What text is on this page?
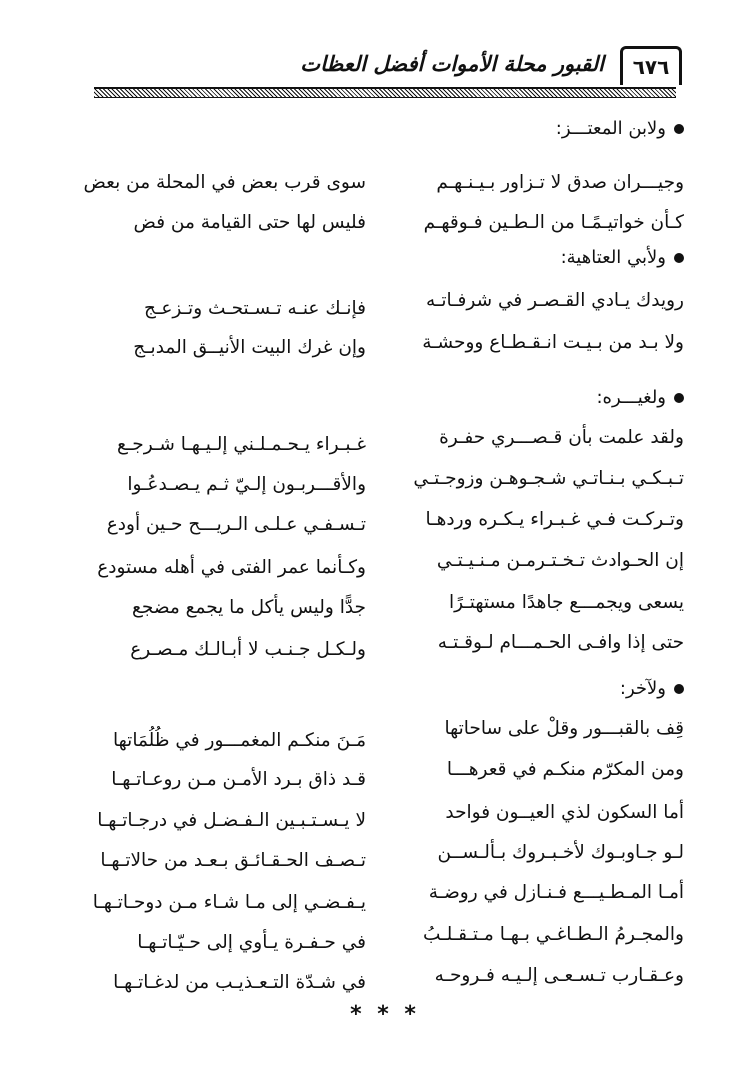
٦٧٦
القبور محلة الأموات أفضل العظات
ولابن المعتـــز:
وجيـــران صدق لا تـزاور بـيـنـهـم
سوى قرب بعض في المحلة من بعض
كـأن خواتيـمًـا من الـطـين فـوقهـم
فليس لها حتى القيامة من فض
ولأبي العتاهية:
رويدك يـادي القـصـر في شرفـاتـه
فإنـك عنـه تـسـتحـث وتـزعـج
ولا بـد من بـيـت انـقـطـاع ووحشـة
وإن غرك البيت الأنيــق المدبـج
ولغيـــره:
ولقد علمت بأن قـصـــري حفـرة
غـبـراء يـحـمـلـني إلـيـهـا شـرجـع
تـبـكـي بـنـاتـي شـجـوهـن وزوجـتـي
والأقـــربـون إلـيّ ثـم يـصـدعُـوا
وتـركـت فـي غـبـراء يـكـره وردهـا
تـسـفـي عـلـى الـريـــح حـين أودع
إن الحـوادث تـخـتـرمـن مـنـيـتـي
وكـأنما عمر الفتى في أهله مستودع
يسعى ويجمـــع جاهدًا مستهتـرًا
جدًّا وليس يأكل ما يجمع مضجع
حتى إذا وافـى الحـمـــام لـوقـتـه
ولـكـل جـنـب لا أبـالـك مـصـرع
ولآخر:
قِف بالقبـــور وقلْ على ساحاتها
مَـنَ منكـم المغمـــور في ظُلُمَاتها
ومن المكرّم منكـم في قعرهـــا
قـد ذاق بـرد الأمـن مـن روعـاتـهـا
أما السكون لذي العيــون فواحد
لا يـسـتـبـين الـفـضـل في درجـاتـهـا
لـو جـاوبـوك لأخـبـروك بـألـســن
تـصـف الحـقـائـق بـعـد من حالاتـهـا
أمـا المـطـيـــع فـنـازل في روضـة
يـفـضـي إلى مـا شـاء مـن دوحـاتـهـا
والمجـرمُ الـطـاغـي بـهـا مـتـقـلـبُ
في حـفـرة يـأوي إلى حـيّـاتـهـا
وعـقـارب تـسـعـى إلـيـه فـروحـه
في شـدّة التـعـذيـب من لدغـاتـهـا
* * *
